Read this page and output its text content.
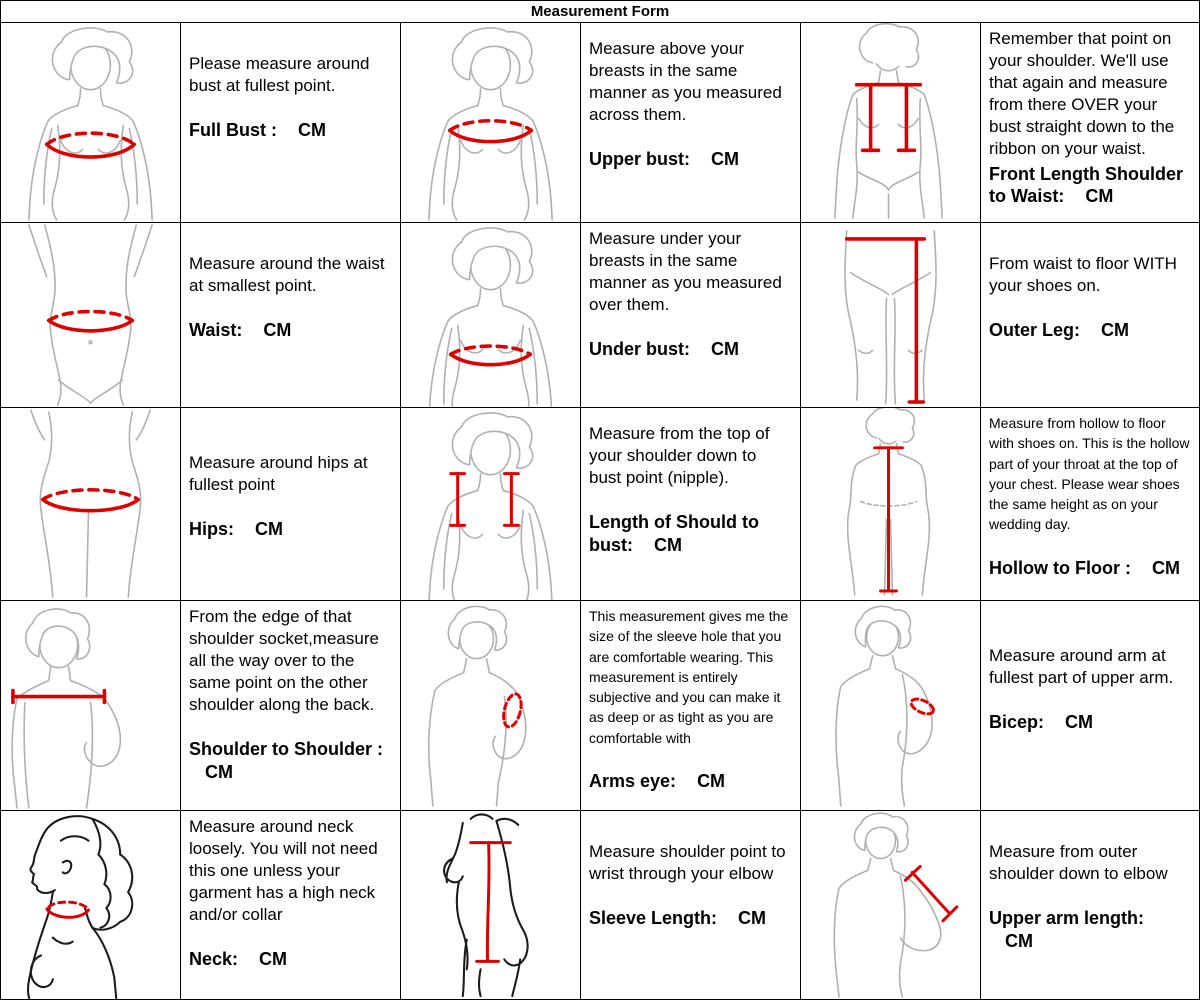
Measurement Form

Please measure around bust at fullest point.

Full Bust : CM

Measure above your breasts in the same manner as you measured across them.

Upper bust: CM

Remember that point on your shoulder. We'll use that again and measure from there OVER your bust straight down to the ribbon on your waist.

Front Length Shoulder to Waist: CM

Measure around the waist at smallest point.

Waist: CM

Measure under your breasts in the same manner as you measured over them.

Under bust: CM

From waist to floor WITH your shoes on.

Outer Leg: CM

Measure around hips at fullest point

Hips: CM

Measure from the top of your shoulder down to bust point (nipple).

Length of Should to bust: CM

Measure from hollow to floor with shoes on. This is the hollow part of your throat at the top of your chest. Please wear shoes the same height as on your wedding day.

Hollow to Floor : CM

From the edge of that shoulder socket,measure all the way over to the same point on the other shoulder along the back.

Shoulder to Shoulder : CM

This measurement gives me the size of the sleeve hole that you are comfortable wearing. This measurement is entirely subjective and you can make it as deep or as tight as you are comfortable with

Arms eye: CM

Measure around arm at fullest part of upper arm.

Bicep: CM

Measure around neck loosely. You will not need this one unless your garment has a high neck and/or collar

Neck: CM

Measure shoulder point to wrist through your elbow

Sleeve Length: CM

Measure from outer shoulder down to elbow

Upper arm length: CM
